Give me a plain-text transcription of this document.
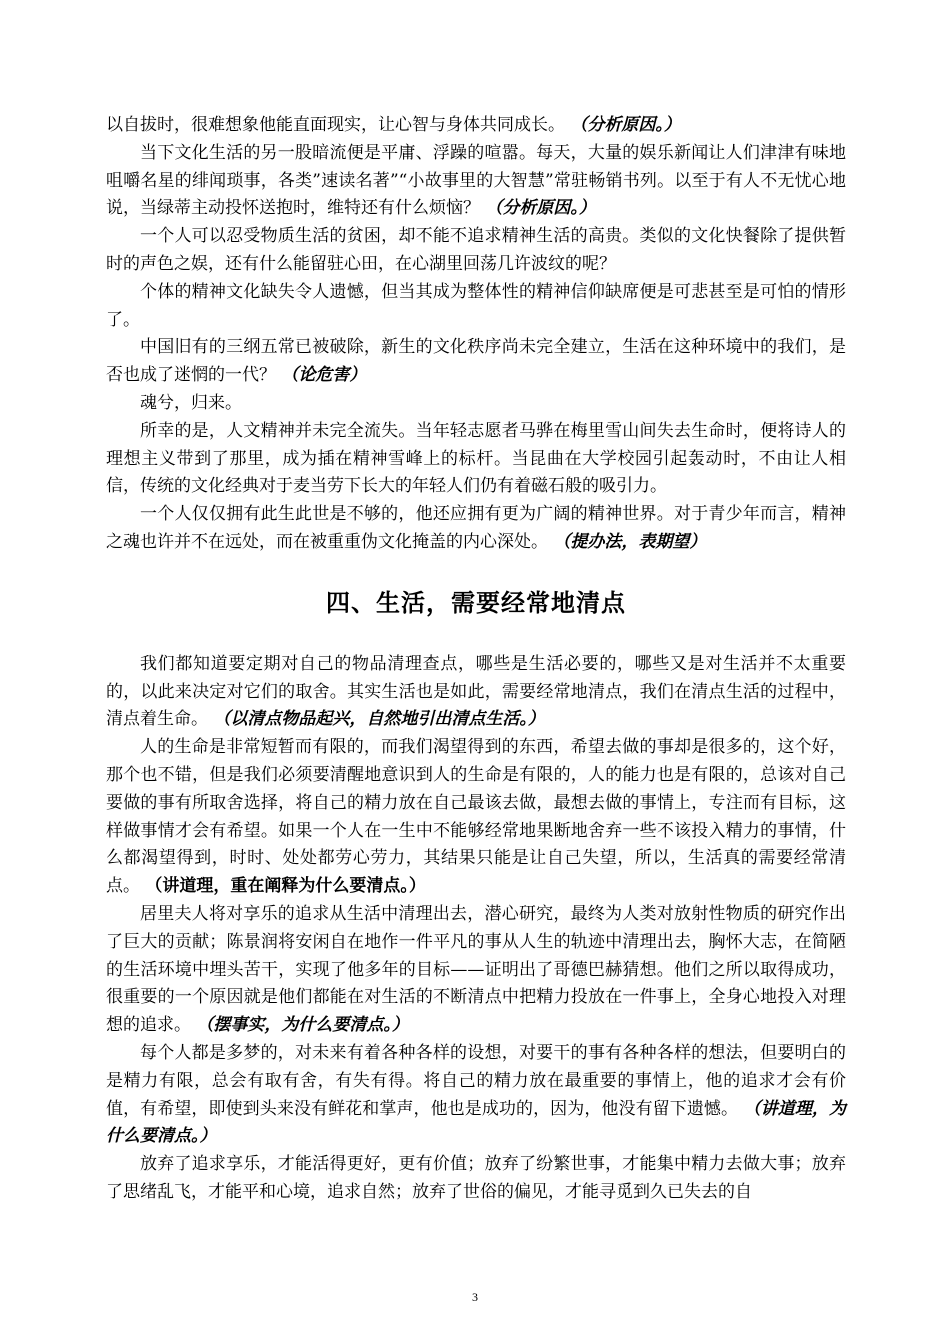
以自拔时，很难想象他能直面现实，让心智与身体共同成长。 （分析原因。）

当下文化生活的另一股暗流便是平庸、浮躁的喧嚣。每天，大量的娱乐新闻让人们津津有味地咀嚼名星的绯闻琐事，各类”速读名著”“小故事里的大智慧”常驻畅销书列。以至于有人不无忧心地说，当绿蒂主动投怀送抱时，维特还有什么烦恼？ （分析原因。）

一个人可以忍受物质生活的贫困，却不能不追求精神生活的高贵。类似的文化快餐除了提供暂时的声色之娱，还有什么能留驻心田，在心湖里回荡几许波纹的呢？

个体的精神文化缺失令人遗憾，但当其成为整体性的精神信仰缺席便是可悲甚至是可怕的情形了。

中国旧有的三纲五常已被破除，新生的文化秩序尚未完全建立，生活在这种环境中的我们，是否也成了迷惘的一代？ （论危害）

魂兮，归来。

所幸的是，人文精神并未完全流失。当年轻志愿者马骅在梅里雪山间失去生命时，便将诗人的理想主义带到了那里，成为插在精神雪峰上的标杆。当昆曲在大学校园引起轰动时，不由让人相信，传统的文化经典对于麦当劳下长大的年轻人们仍有着磁石般的吸引力。

一个人仅仅拥有此生此世是不够的，他还应拥有更为广阔的精神世界。对于青少年而言，精神之魂也许并不在远处，而在被重重伪文化掩盖的内心深处。 （提办法，表期望）

四、生活，需要经常地清点

我们都知道要定期对自己的物品清理查点，哪些是生活必要的，哪些又是对生活并不太重要的，以此来决定对它们的取舍。其实生活也是如此，需要经常地清点，我们在清点生活的过程中，清点着生命。 （以清点物品起兴，自然地引出清点生活。）

人的生命是非常短暂而有限的，而我们渴望得到的东西，希望去做的事却是很多的，这个好，那个也不错，但是我们必须要清醒地意识到人的生命是有限的，人的能力也是有限的，总该对自己要做的事有所取舍选择，将自己的精力放在自己最该去做，最想去做的事情上，专注而有目标，这样做事情才会有希望。如果一个人在一生中不能够经常地果断地舍弃一些不该投入精力的事情，什么都渴望得到，时时、处处都劳心劳力，其结果只能是让自己失望，所以，生活真的需要经常清点。 （讲道理，重在阐释为什么要清点。）

居里夫人将对享乐的追求从生活中清理出去，潜心研究，最终为人类对放射性物质的研究作出了巨大的贡献；陈景润将安闲自在地作一件平凡的事从人生的轨迹中清理出去，胸怀大志，在简陋的生活环境中埋头苦干，实现了他多年的目标——证明出了哥德巴赫猜想。他们之所以取得成功，很重要的一个原因就是他们都能在对生活的不断清点中把精力投放在一件事上，全身心地投入对理想的追求。 （摆事实，为什么要清点。）

每个人都是多梦的，对未来有着各种各样的设想，对要干的事有各种各样的想法，但要明白的是精力有限，总会有取有舍，有失有得。将自己的精力放在最重要的事情上，他的追求才会有价值，有希望，即使到头来没有鲜花和掌声，他也是成功的，因为，他没有留下遗憾。 （讲道理，为什么要清点。）

放弃了追求享乐，才能活得更好，更有价值；放弃了纷繁世事，才能集中精力去做大事；放弃了思绪乱飞，才能平和心境，追求自然；放弃了世俗的偏见，才能寻觅到久已失去的自

3
